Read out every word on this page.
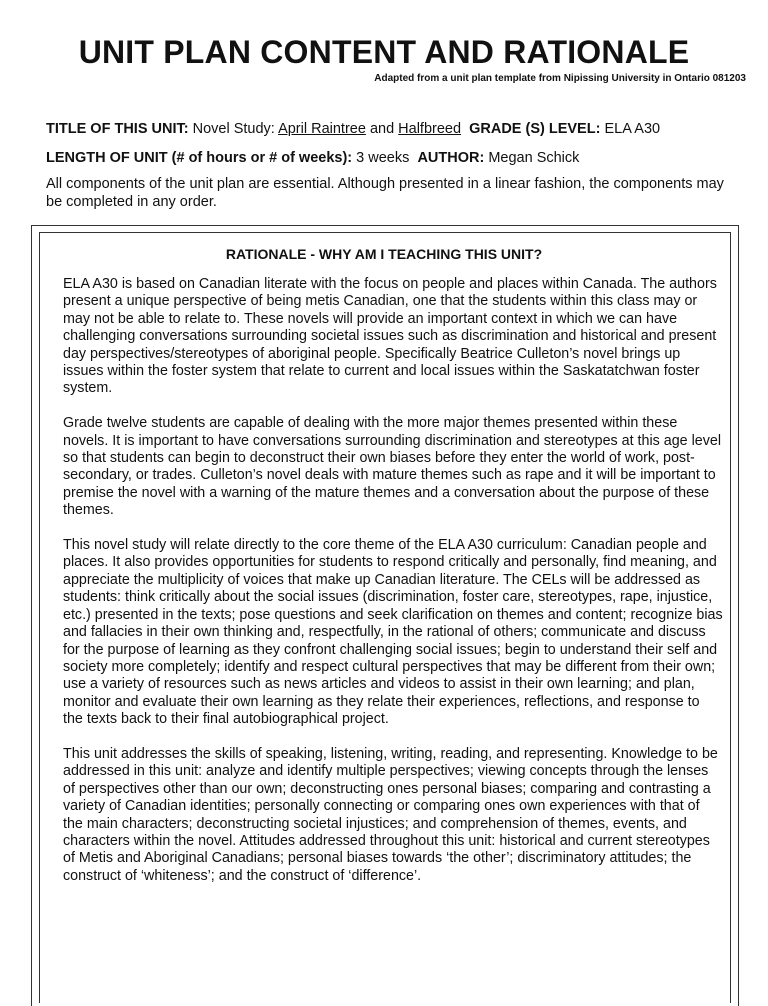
UNIT PLAN CONTENT AND RATIONALE
Adapted from a unit plan template from Nipissing University in Ontario 081203
TITLE OF THIS UNIT: Novel Study: April Raintree and Halfbreed GRADE (S) LEVEL: ELA A30
LENGTH OF UNIT (# of hours or # of weeks): 3 weeks AUTHOR: Megan Schick
All components of the unit plan are essential. Although presented in a linear fashion, the components may be completed in any order.
RATIONALE - WHY AM I TEACHING THIS UNIT?

ELA A30 is based on Canadian literate with the focus on people and places within Canada. The authors present a unique perspective of being metis Canadian, one that the students within this class may or may not be able to relate to. These novels will provide an important context in which we can have challenging conversations surrounding societal issues such as discrimination and historical and present day perspectives/stereotypes of aboriginal people. Specifically Beatrice Culleton’s novel brings up issues within the foster system that relate to current and local issues within the Saskatatchwan foster system.

Grade twelve students are capable of dealing with the more major themes presented within these novels. It is important to have conversations surrounding discrimination and stereotypes at this age level so that students can begin to deconstruct their own biases before they enter the world of work, post-secondary, or trades. Culleton’s novel deals with mature themes such as rape and it will be important to premise the novel with a warning of the mature themes and a conversation about the purpose of these themes.

This novel study will relate directly to the core theme of the ELA A30 curriculum: Canadian people and places. It also provides opportunities for students to respond critically and personally, find meaning, and appreciate the multiplicity of voices that make up Canadian literature. The CELs will be addressed as students: think critically about the social issues (discrimination, foster care, stereotypes, rape, injustice, etc.) presented in the texts; pose questions and seek clarification on themes and content; recognize bias and fallacies in their own thinking and, respectfully, in the rational of others; communicate and discuss for the purpose of learning as they confront challenging social issues; begin to understand their self and society more completely; identify and respect cultural perspectives that may be different from their own; use a variety of resources such as news articles and videos to assist in their own learning; and plan, monitor and evaluate their own learning as they relate their experiences, reflections, and response to the texts back to their final autobiographical project.

This unit addresses the skills of speaking, listening, writing, reading, and representing. Knowledge to be addressed in this unit: analyze and identify multiple perspectives; viewing concepts through the lenses of perspectives other than our own; deconstructing ones personal biases; comparing and contrasting a variety of Canadian identities; personally connecting or comparing ones own experiences with that of the main characters; deconstructing societal injustices; and comprehension of themes, events, and characters within the novel. Attitudes addressed throughout this unit: historical and current stereotypes of Metis and Aboriginal Canadians; personal biases towards ‘the other’; discriminatory attitudes; the construct of ‘whiteness’; and the construct of ‘difference’.
